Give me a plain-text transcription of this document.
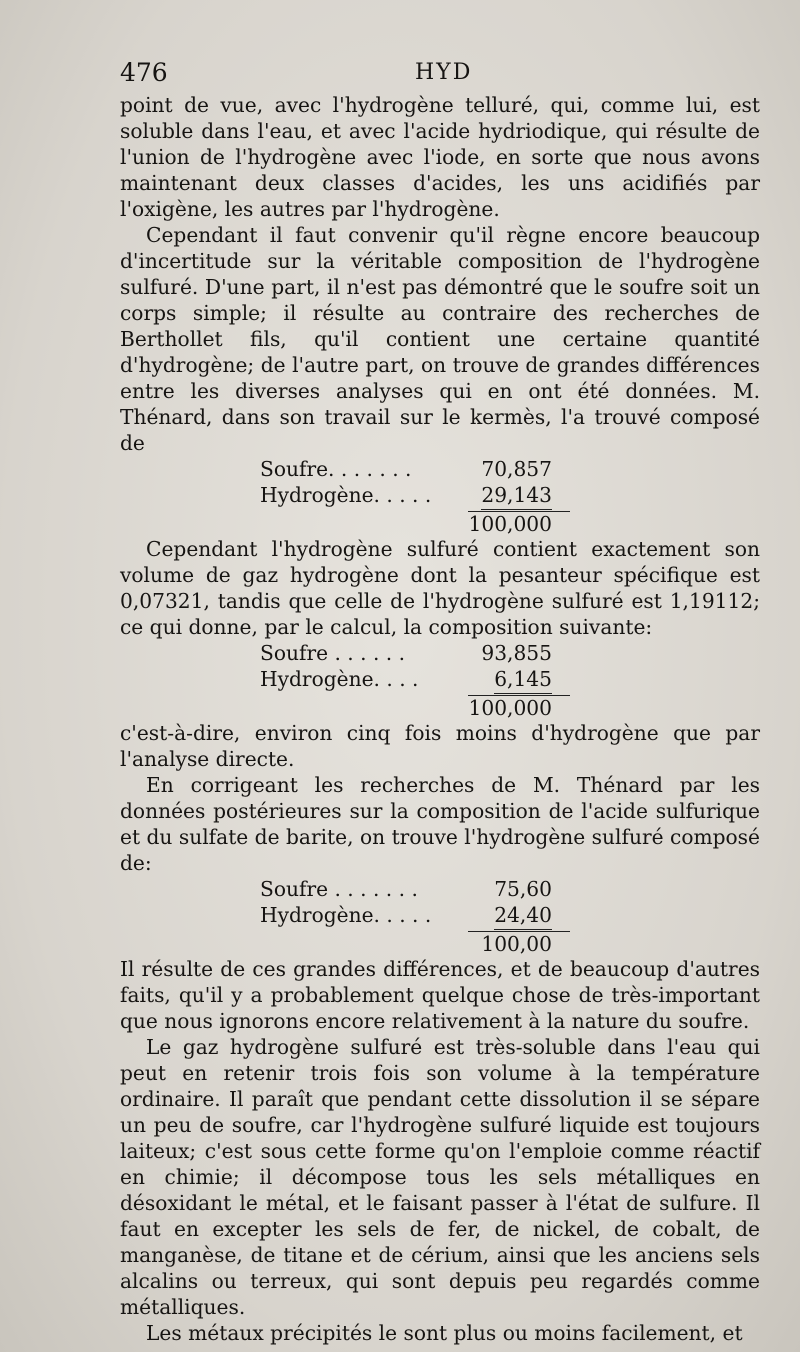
476	HYD

point de vue, avec l'hydrogène telluré, qui, comme lui, est soluble dans l'eau, et avec l'acide hydriodique, qui résulte de l'union de l'hydrogène avec l'iode, en sorte que nous avons maintenant deux classes d'acides, les uns acidifiés par l'oxigène, les autres par l'hydrogène.

Cependant il faut convenir qu'il règne encore beaucoup d'incertitude sur la véritable composition de l'hydrogène sulfuré. D'une part, il n'est pas démontré que le soufre soit un corps simple; il résulte au contraire des recherches de Berthollet fils, qu'il contient une certaine quantité d'hydrogène; de l'autre part, on trouve de grandes différences entre les diverses analyses qui en ont été données. M. Thénard, dans son travail sur le kermès, l'a trouvé composé de

Soufre. . . . . . .	70,857
Hydrogène. . . . . 29,143
100,000

Cependant l'hydrogène sulfuré contient exactement son volume de gaz hydrogène dont la pesanteur spécifique est 0,07321, tandis que celle de l'hydrogène sulfuré est 1,19112; ce qui donne, par le calcul, la composition suivante:

Soufre . . . . . .	93,855
Hydrogène. . . .	6,145
100,000

c'est-à-dire, environ cinq fois moins d'hydrogène que par l'analyse directe.

En corrigeant les recherches de M. Thénard par les données postérieures sur la composition de l'acide sulfurique et du sulfate de barite, on trouve l'hydrogène sulfuré composé de:

Soufre . . . . . . .	75,60
Hydrogène. . . . .	24,40
100,00

Il résulte de ces grandes différences, et de beaucoup d'autres faits, qu'il y a probablement quelque chose de très-important que nous ignorons encore relativement à la nature du soufre.

Le gaz hydrogène sulfuré est très-soluble dans l'eau qui peut en retenir trois fois son volume à la température ordinaire. Il paraît que pendant cette dissolution il se sépare un peu de soufre, car l'hydrogène sulfuré liquide est toujours laiteux; c'est sous cette forme qu'on l'emploie comme réactif en chimie; il décompose tous les sels métalliques en désoxidant le métal, et le faisant passer à l'état de sulfure. Il faut en excepter les sels de fer, de nickel, de cobalt, de manganèse, de titane et de cérium, ainsi que les anciens sels alcalins ou terreux, qui sont depuis peu regardés comme métalliques.

Les métaux précipités le sont plus ou moins facilement, et
